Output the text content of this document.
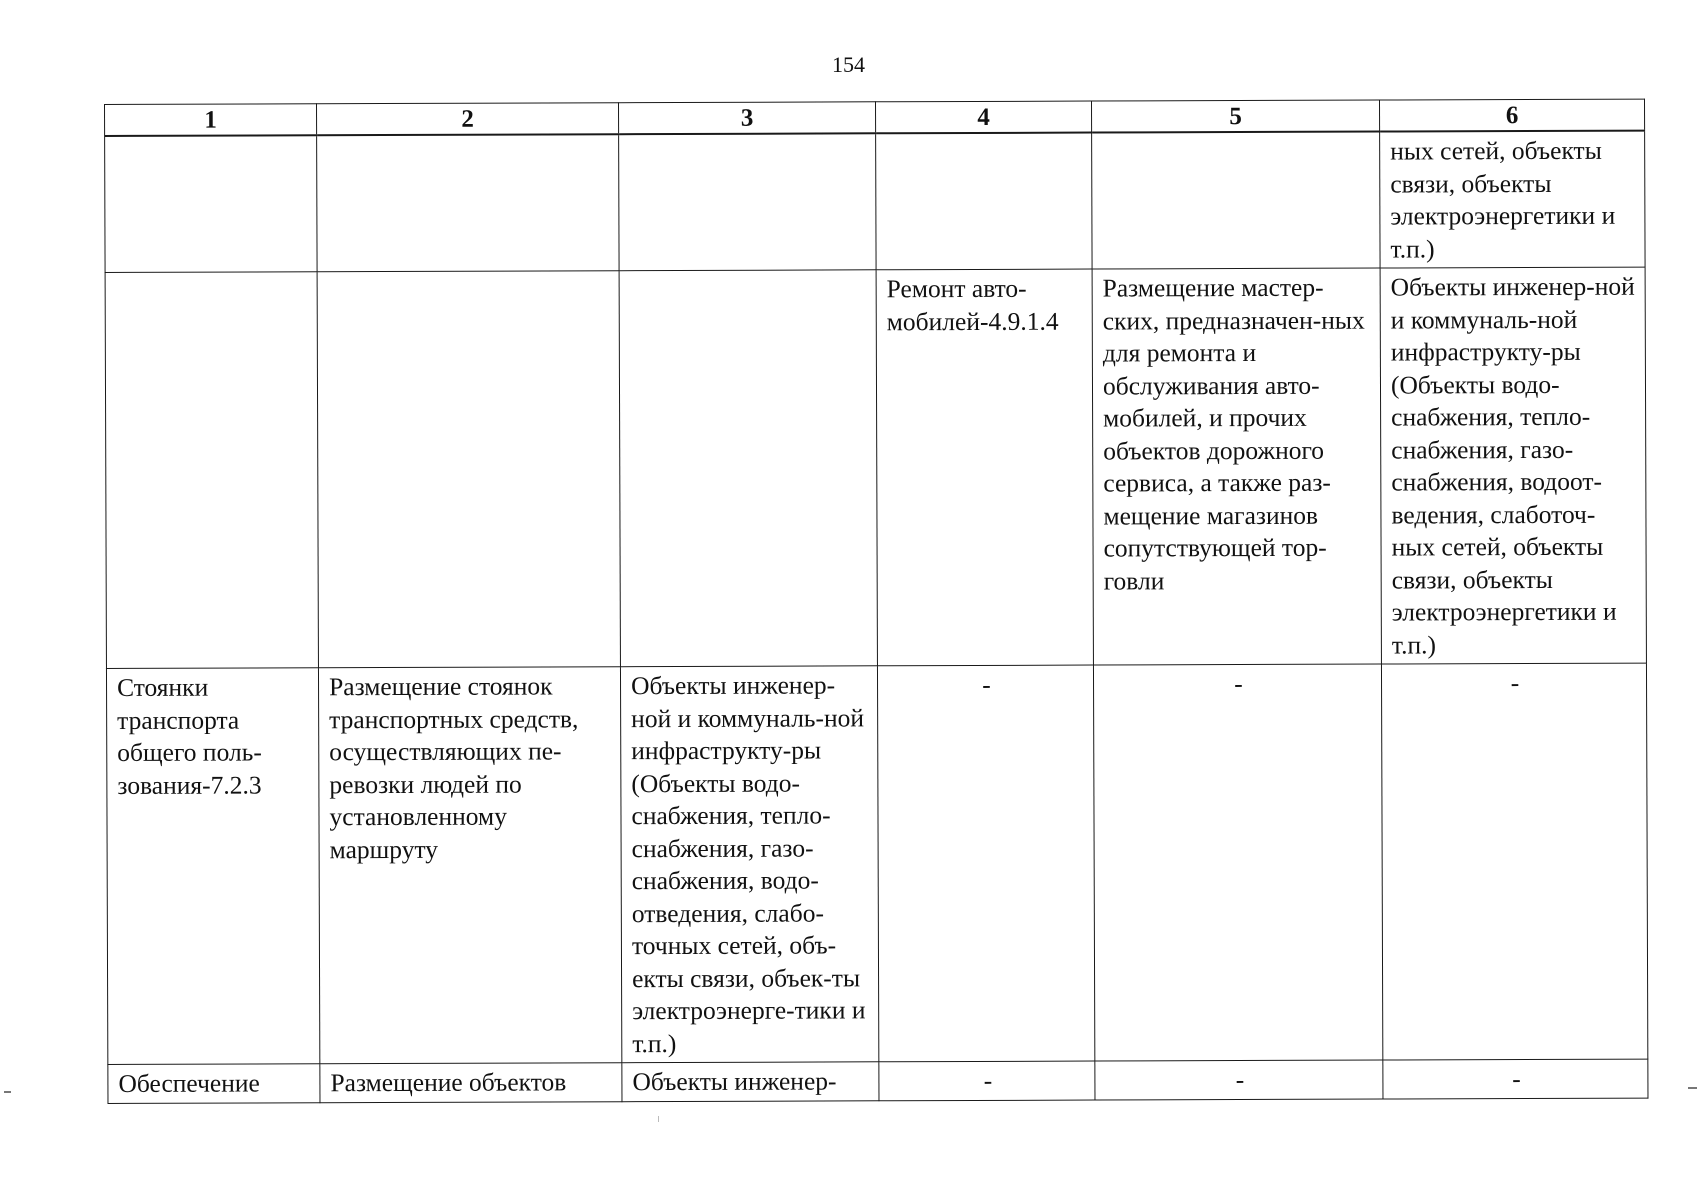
154
1	2	3	4	5	6
					ных сетей, объекты связи, объекты электроэнергетики и т.п.)
			Ремонт авто-мобилей-4.9.1.4	Размещение мастер-ских, предназначен-ных для ремонта и обслуживания авто-мобилей, и прочих объектов дорожного сервиса, а также раз-мещение магазинов сопутствующей тор-говли	Объекты инженер-ной и коммуналь-ной инфраструкту-ры (Объекты водо-снабжения, тепло-снабжения, газо-снабжения, водоот-ведения, слаботоч-ных сетей, объекты связи, объекты электроэнергетики и т.п.)
Стоянки транспорта общего поль-зования-7.2.3	Размещение стоянок транспортных средств, осуществляющих пе-ревозки людей по установленному маршруту	Объекты инженер-ной и коммуналь-ной инфраструкту-ры (Объекты водо-снабжения, тепло-снабжения, газо-снабжения, водо-отведения, слабо-точных сетей, объ-екты связи, объек-ты электроэнерге-тики и т.п.)	-	-	-
Обеспечение	Размещение объектов	Объекты инженер-	-	-	-
